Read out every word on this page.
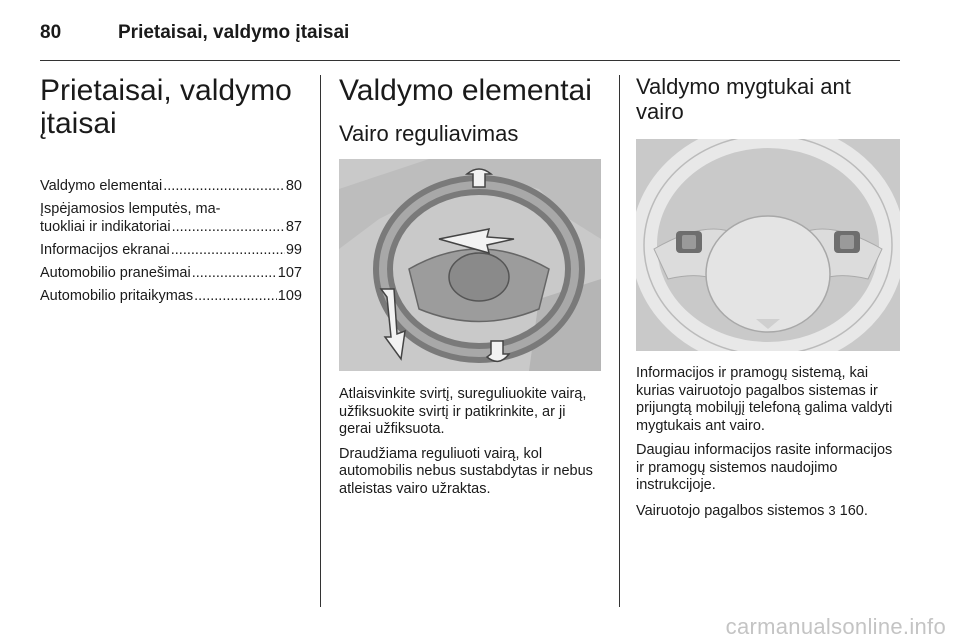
80	Prietaisai, valdymo įtaisai
Prietaisai, valdymo
įtaisai
Valdymo elementai .....	80
Įspėjamosios lemputės, ma-
tuokliai ir indikatoriai .....	87
Informacijos ekranai .....	99
Automobilio pranešimai .....	107
Automobilio pritaikymas .....	109
Valdymo elementai
Vairo reguliavimas

Atlaisvinkite svirtį, sureguliuokite vairą, užfiksuokite svirtį ir patikrinkite, ar ji gerai užfiksuota.

Draudžiama reguliuoti vairą, kol automobilis nebus sustabdytas ir nebus atleistas vairo užraktas.

Valdymo mygtukai ant
vairo

Informacijos ir pramogų sistemą, kai kurias vairuotojo pagalbos sistemas ir prijungtą mobilųjį telefoną galima valdyti mygtukais ant vairo.

Daugiau informacijos rasite informacijos ir pramogų sistemos naudojimo instrukcijoje.

Vairuotojo pagalbos sistemos 3 160.

carmanualsonline.info
